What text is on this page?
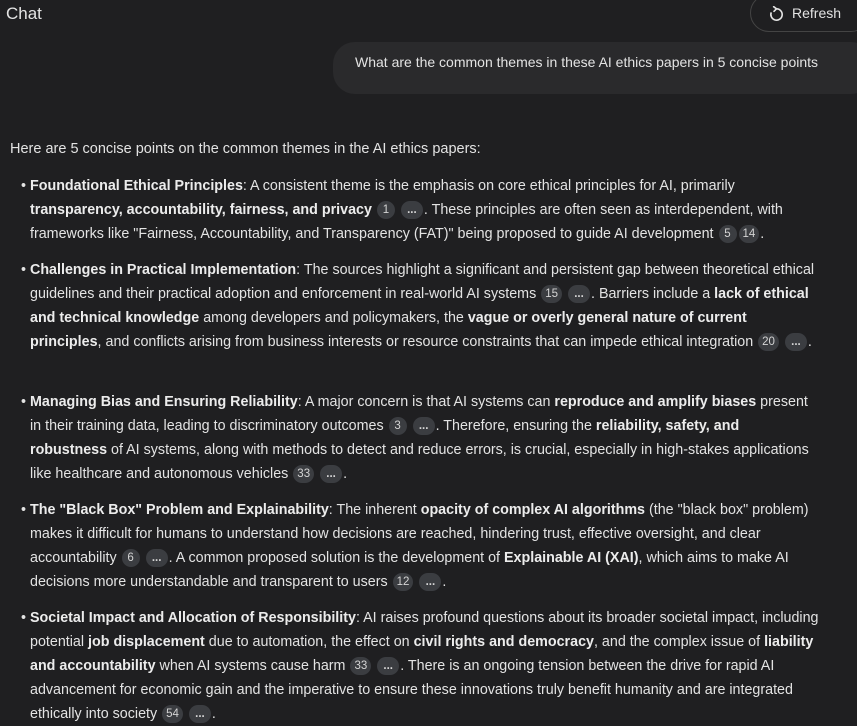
Chat	Refresh
What are the common themes in these AI ethics papers in 5 concise points
Here are 5 concise points on the common themes in the AI ethics papers:
• Foundational Ethical Principles: A consistent theme is the emphasis on core ethical principles for AI, primarily transparency, accountability, fairness, and privacy 1 ... . These principles are often seen as interdependent, with frameworks like "Fairness, Accountability, and Transparency (FAT)" being proposed to guide AI development 5 14 .
• Challenges in Practical Implementation: The sources highlight a significant and persistent gap between theoretical ethical guidelines and their practical adoption and enforcement in real-world AI systems 15 ... . Barriers include a lack of ethical and technical knowledge among developers and policymakers, the vague or overly general nature of current principles, and conflicts arising from business interests or resource constraints that can impede ethical integration 20 ... .
• Managing Bias and Ensuring Reliability: A major concern is that AI systems can reproduce and amplify biases present in their training data, leading to discriminatory outcomes 3 ... . Therefore, ensuring the reliability, safety, and robustness of AI systems, along with methods to detect and reduce errors, is crucial, especially in high-stakes applications like healthcare and autonomous vehicles 33 ... .
• The "Black Box" Problem and Explainability: The inherent opacity of complex AI algorithms (the "black box" problem) makes it difficult for humans to understand how decisions are reached, hindering trust, effective oversight, and clear accountability 6 ... . A common proposed solution is the development of Explainable AI (XAI), which aims to make AI decisions more understandable and transparent to users 12 ... .
• Societal Impact and Allocation of Responsibility: AI raises profound questions about its broader societal impact, including potential job displacement due to automation, the effect on civil rights and democracy, and the complex issue of liability and accountability when AI systems cause harm 33 ... . There is an ongoing tension between the drive for rapid AI advancement for economic gain and the imperative to ensure these innovations truly benefit humanity and are integrated ethically into society 54 ... .
